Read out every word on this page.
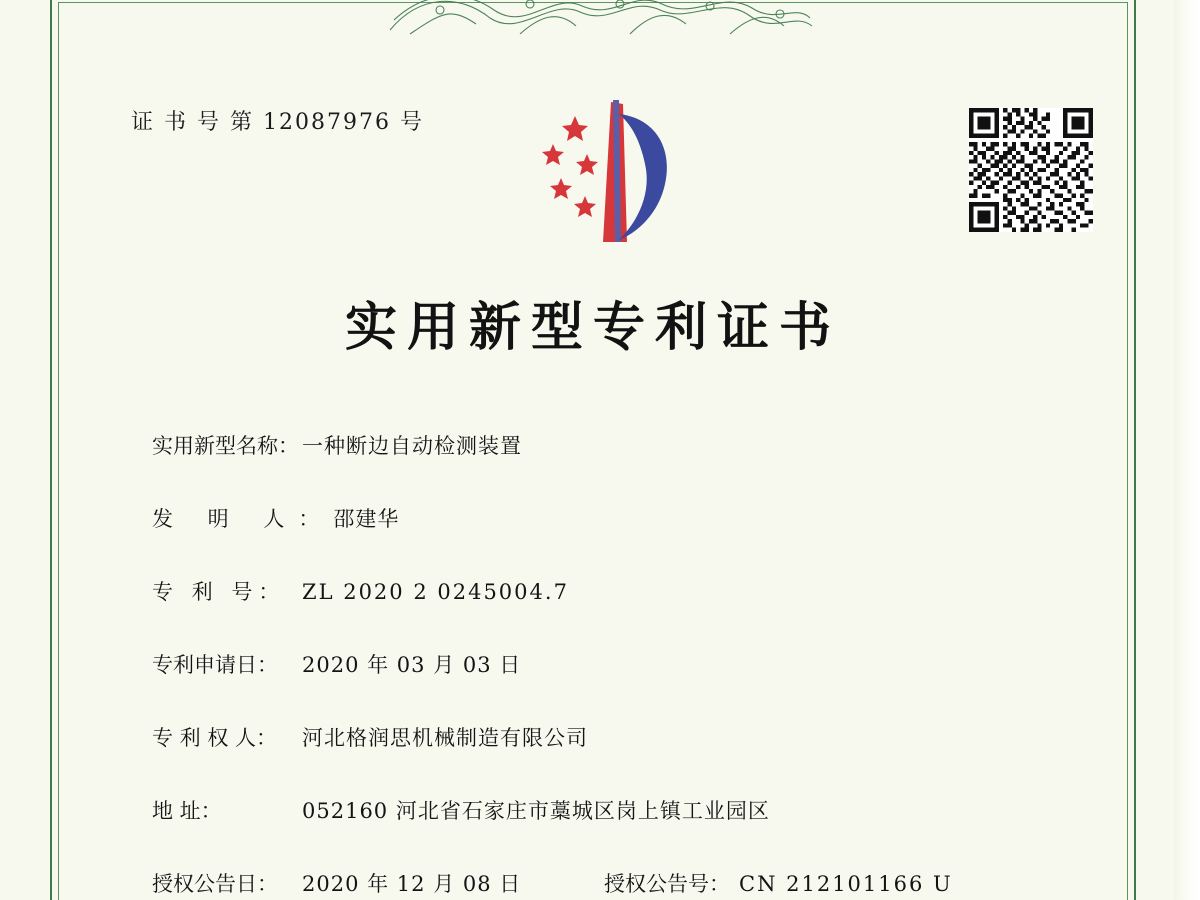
证 书 号 第 12087976 号
实用新型专利证书
实用新型名称： 一种断边自动检测装置
发 明 人： 邵建华
专 利 号： ZL 2020 2 0245004.7
专利申请日：	2020 年 03 月 03 日
专 利 权 人：	河北格润思机械制造有限公司
地 址：	052160 河北省石家庄市藁城区岗上镇工业园区
授权公告日：	2020 年 12 月 08 日	授权公告号： CN 212101166 U
